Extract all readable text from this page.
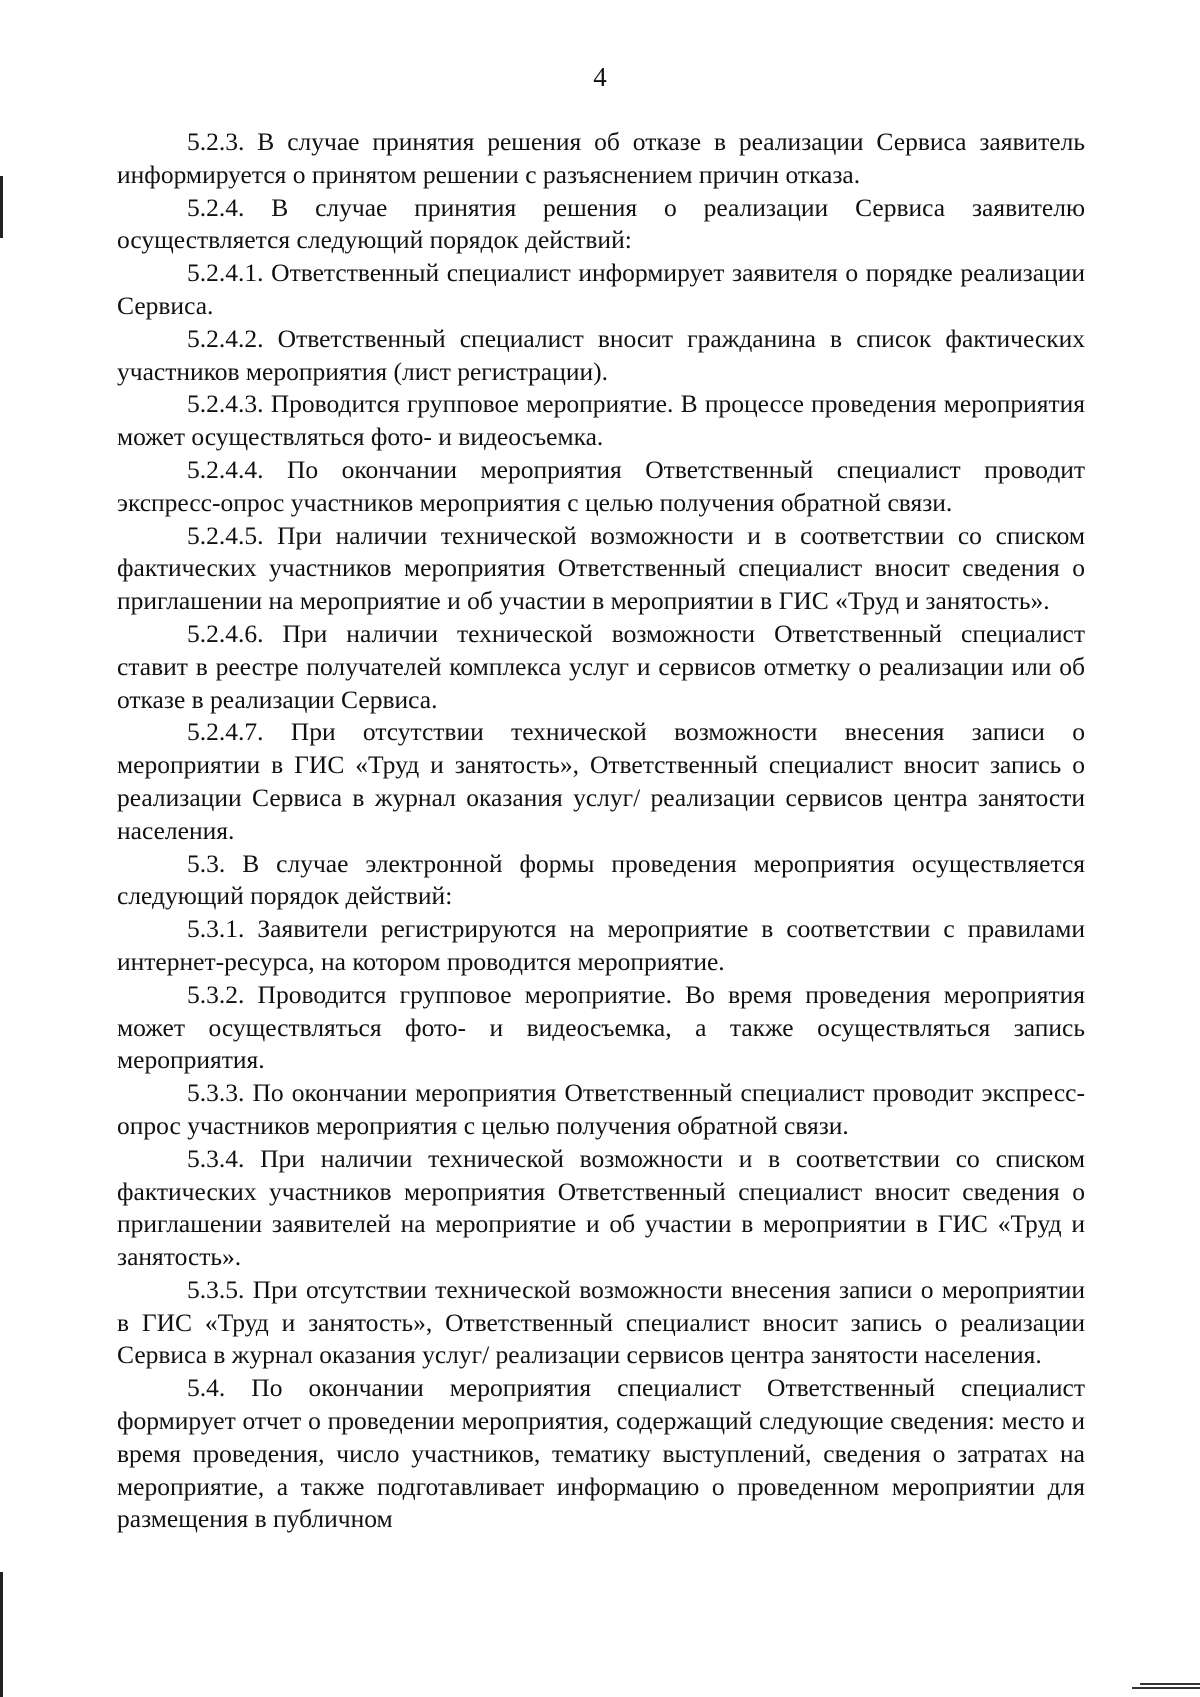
4

5.2.3. В случае принятия решения об отказе в реализации Сервиса заявитель информируется о принятом решении с разъяснением причин отказа.

5.2.4. В случае принятия решения о реализации Сервиса заявителю осуществляется следующий порядок действий:

5.2.4.1. Ответственный специалист информирует заявителя о порядке реализации Сервиса.

5.2.4.2. Ответственный специалист вносит гражданина в список фактических участников мероприятия (лист регистрации).

5.2.4.3. Проводится групповое мероприятие. В процессе проведения мероприятия может осуществляться фото- и видеосъемка.

5.2.4.4. По окончании мероприятия Ответственный специалист проводит экспресс-опрос участников мероприятия с целью получения обратной связи.

5.2.4.5. При наличии технической возможности и в соответствии со списком фактических участников мероприятия Ответственный специалист вносит сведения о приглашении на мероприятие и об участии в мероприятии в ГИС «Труд и занятость».

5.2.4.6. При наличии технической возможности Ответственный специалист ставит в реестре получателей комплекса услуг и сервисов отметку о реализации или об отказе в реализации Сервиса.

5.2.4.7. При отсутствии технической возможности внесения записи о мероприятии в ГИС «Труд и занятость», Ответственный специалист вносит запись о реализации Сервиса в журнал оказания услуг/ реализации сервисов центра занятости населения.

5.3. В случае электронной формы проведения мероприятия осуществляется следующий порядок действий:

5.3.1. Заявители регистрируются на мероприятие в соответствии с правилами интернет-ресурса, на котором проводится мероприятие.

5.3.2. Проводится групповое мероприятие. Во время проведения мероприятия может осуществляться фото- и видеосъемка, а также осуществляться запись мероприятия.

5.3.3. По окончании мероприятия Ответственный специалист проводит экспресс-опрос участников мероприятия с целью получения обратной связи.

5.3.4. При наличии технической возможности и в соответствии со списком фактических участников мероприятия Ответственный специалист вносит сведения о приглашении заявителей на мероприятие и об участии в мероприятии в ГИС «Труд и занятость».

5.3.5. При отсутствии технической возможности внесения записи о мероприятии в ГИС «Труд и занятость», Ответственный специалист вносит запись о реализации Сервиса в журнал оказания услуг/ реализации сервисов центра занятости населения.

5.4. По окончании мероприятия специалист Ответственный специалист формирует отчет о проведении мероприятия, содержащий следующие сведения: место и время проведения, число участников, тематику выступлений, сведения о затратах на мероприятие, а также подготавливает информацию о проведенном мероприятии для размещения в публичном
